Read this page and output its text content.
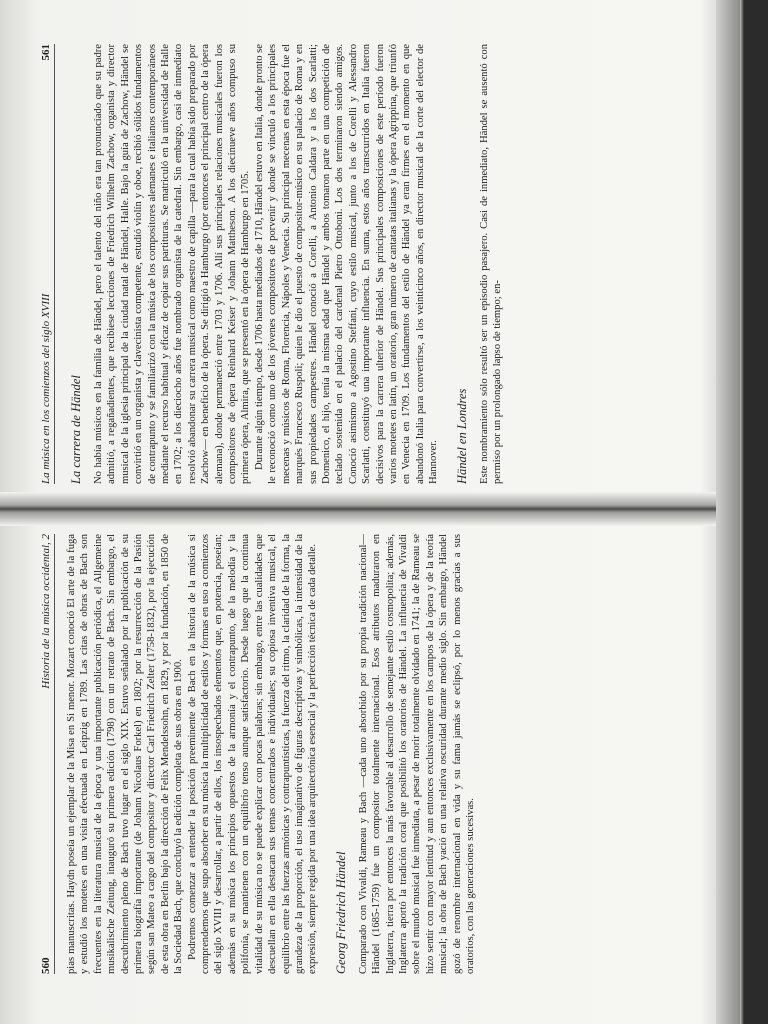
560
Historia de la música occidental, 2 pias manuscritas. Haydn poseía un ejemplar de la Misa en Si menor. Mozart conoció El arte de la fuga y estudió los motetes en una visita efectuada en Leipzig en 1789. Las citas de obras de Bach son frecuentes en la literatura musical de la época y una importante publicación periódica, el Allgemeine musikalische Zeitung, inauguró su primera edición (1798) con un retrato de Bach. Sin embargo, el descubrimiento pleno de Bach tuvo lugar en el siglo XIX. Estuvo señalado por la publicación de su primera biografía importante (de Johann Nicolaus Forkel) en 1802; por la resurrección de la Pasión según san Mateo a cargo del compositor y director Carl Friedrich Zelter (1758-1832), por la ejecución de esta obra en Berlín bajo la dirección de Felix Mendelssohn, en 1829, y por la fundación, en 1850 de la Sociedad Bach, que concluyó la edición completa de sus obras en 1900. Podremos comenzar a entender la posición preeminente de Bach en la historia de la música si comprendemos que supo absorber en su música la multiplicidad de estilos y formas en uso a comienzos del siglo XVIII y desarrollar, a partir de ellos, los insospechados elementos que, en potencia, poseían; además en su música los principios opuestos de la armonía y el contrapunto, de la melodía y la polifonía, se mantienen con un equilibrio tenso aunque satisfactorio. Desde luego que la continua vitalidad de su música no se puede explicar con pocas palabras; sin embargo, entre las cualidades que descuellan en ella destacan sus temas concentrados e individuales; su copiosa inventiva musical, el equilibrio entre las fuerzas armónicas y contrapuntísticas, la fuerza del ritmo, la claridad de la forma, la grandeza de la proporción, el uso imaginativo de figuras descriptivas y simbólicas, la intensidad de la expresión, siempre regida por una idea arquitectónica esencial y la perfección técnica de cada detalle. Georg Friedrich Händel Comparado con Vivaldi, Rameau y Bach —cada uno absorbido por su propia tradición nacional— Händel (1685-1759) fue un compositor totalmente internacional. Esos atributos maduraron en Inglaterra, tierra por entonces la más favorable al desarrollo de semejante estilo cosmopolita; además, Inglaterra aportó la tradición coral que posibilitó los oratorios de Händel. La influencia de Vivaldi sobre el mundo musical fue inmediata, a pesar de morir totalmente olvidado en 1741; la de Rameau se hizo sentir con mayor lentitud y aun entonces exclusivamente en los campos de la ópera y de la teoría musical; la obra de Bach yació en una relativa oscuridad durante medio siglo. Sin embargo, Händel gozó de renombre internacional en vida y su fama jamás se eclipsó, por lo menos gracias a sus oratorios, con las generaciones sucesivas.

La música en los comienzos del siglo XVIII
561
La carrera de Händel No había músicos en la familia de Händel, pero el talento del niño era tan pronunciado que su padre admitió, a regañadientes, que recibiese lecciones de Friedrich Wilhelm Zachow, organista y director musical de la iglesia principal de la ciudad natal de Händel, Halle. Bajo la guía de Zachow, Händel se convirtió en un organista y clavecinista competente, estudió violín y oboe, recibió sólidos fundamentos de contrapunto y se familiarizó con la música de los compositores alemanes e italianos contemporáneos mediante el recurso habitual y eficaz de copiar sus partituras. Se matriculó en la universidad de Halle en 1702; a los dieciocho años fue nombrado organista de la catedral. Sin embargo, casi de inmediato resolvió abandonar su carrera musical como maestro de capilla —para la cual había sido preparado por Zachow— en beneficio de la ópera. Se dirigió a Hamburgo (por entonces el principal centro de la ópera alemana), donde permaneció entre 1703 y 1706. Allí sus principales relaciones musicales fueron los compositores de ópera Reinhard Keiser y Johann Mattheson. A los diecinueve años compuso su primera ópera, Almira, que se presentó en la ópera de Hamburgo en 1705. Durante algún tiempo, desde 1706 hasta mediados de 1710, Händel estuvo en Italia, donde pronto se le reconoció como uno de los jóvenes compositores de porvenir y donde se vinculó a los principales mecenas y músicos de Roma, Florencia, Nápoles y Venecia. Su principal mecenas en esta época fue el marqués Francesco Ruspoli; quien le dio el puesto de compositor-músico en su palacio de Roma y en sus propiedades campestres. Händel conoció a Corelli, a Antonio Caldara y a los dos Scarlatti; Domenico, el hijo, tenía la misma edad que Händel y ambos tomaron parte en una competición de teclado sostenida en el palacio del cardenal Pietro Ottoboni. Los dos terminaron siendo amigos. Conoció asimismo a Agostino Steffani, cuyo estilo musical, junto a los de Corelli y Alessandro Scarlatti, constituyó una importante influencia. En suma, estos años transcurridos en Italia fueron decisivos para la carrera ulterior de Händel. Sus principales composiciones de este período fueron varios motetes en latín, un oratorio, gran número de cantatas italianas y la ópera Agrippina, que triunfó en Venecia en 1709. Los fundamentos del estilo de Händel ya eran firmes en el momento en que abandonó Italia para convertirse, a los veinticinco años, en director musical de la corte del elector de Hannover. Händel en Londres Este nombramiento sólo resultó ser un episodio pasajero. Casi de inmediato, Händel se ausentó con permiso por un prolongado lapso de tiempo; en-
